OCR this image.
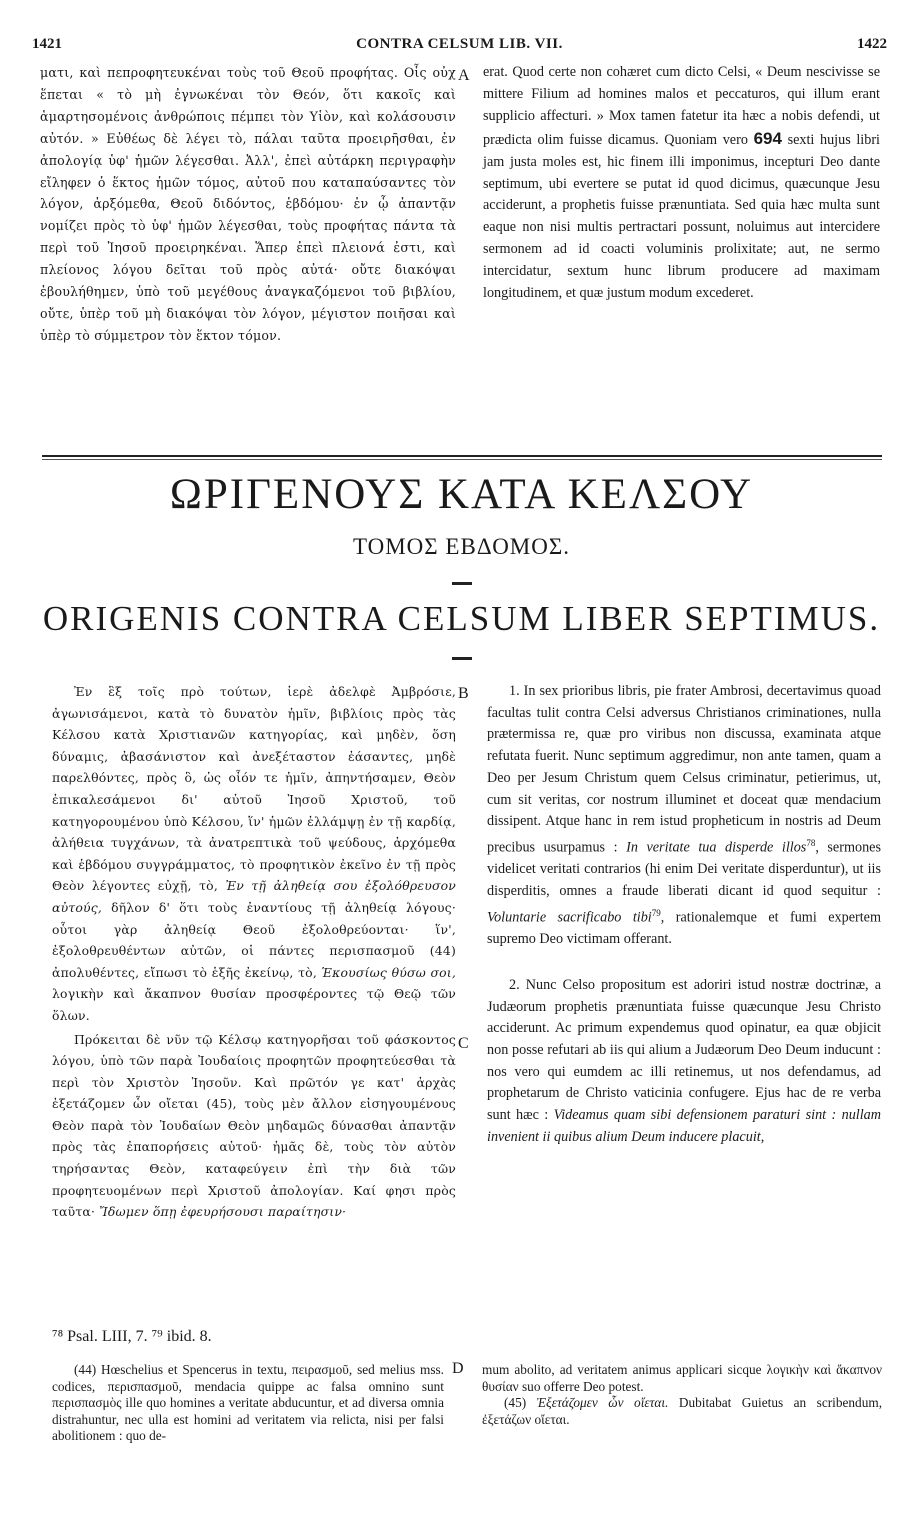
1421	CONTRA CELSUM LIB. VII.	1422

ματι, καὶ πεπροφητευκέναι τοὺς τοῦ Θεοῦ προφήτας. Οἷς οὐχ ἕπεται « τὸ μὴ ἐγνωκέναι τὸν Θεόν, ὅτι κακοῖς καὶ ἁμαρτησομένοις ἀνθρώποις πέμπει τὸν Υἱὸν, καὶ κολάσουσιν αὐτόν. » Εὐθέως δὲ λέγει τὸ, πάλαι ταῦτα προειρῆσθαι, ἐν ἀπολογίᾳ ὑφ' ἡμῶν λέγεσθαι. Ἀλλ', ἐπεὶ αὐτάρκη περιγραφὴν εἴληφεν ὁ ἕκτος ἡμῶν τόμος, αὐτοῦ που καταπαύσαντες τὸν λόγον, ἀρξόμεθα, Θεοῦ διδόντος, ἑβδόμου· ἐν ᾧ ἀπαντᾷν νομίζει πρὸς τὸ ὑφ' ἡμῶν λέγεσθαι, τοὺς προφήτας πάντα τὰ περὶ τοῦ Ἰησοῦ προειρηκέναι. Ἅπερ ἐπεὶ πλειονά ἐστι, καὶ πλείονος λόγου δεῖται τοῦ πρὸς αὐτά· οὔτε διακόψαι ἐβουλήθημεν, ὑπὸ τοῦ μεγέθους ἀναγκαζόμενοι τοῦ βιβλίου, οὔτε, ὑπὲρ τοῦ μὴ διακόψαι τὸν λόγον, μέγιστον ποιῆσαι καὶ ὑπὲρ τὸ σύμμετρον τὸν ἕκτον τόμον.

A erat. Quod certe non cohæret cum dicto Celsi, « Deum nescivisse se mittere Filium ad homines malos et peccaturos, qui illum erant supplicio affecturi. » Mox tamen fatetur ita hæc a nobis defendi, ut prædicta olim fuisse dicamus. Quoniam vero 694 sexti hujus libri jam justa moles est, hic finem illi imponimus, incepturi Deo dante septimum, ubi evertere se putat id quod dicimus, quæcunque Jesu acciderunt, a prophetis fuisse prænuntiata. Sed quia hæc multa sunt eaque non nisi multis pertractari possunt, noluimus aut intercidere sermonem ad id coacti voluminis prolixitate; aut, ne sermo intercidatur, sextum hunc librum producere ad maximam longitudinem, et quæ justum modum excederet.

ΩΡΙΓΕΝΟΥΣ ΚΑΤΑ ΚΕΛΣΟΥ
ΤΟΜΟΣ ΕΒΔΟΜΟΣ.
ORIGENIS CONTRA CELSUM LIBER SEPTIMUS.

Ἐν ἓξ τοῖς πρὸ τούτων, ἱερὲ ἀδελφὲ Ἀμβρόσιε, ἀγωνισάμενοι, κατὰ τὸ δυνατὸν ἡμῖν, βιβλίοις πρὸς τὰς Κέλσου κατὰ Χριστιανῶν κατηγορίας, καὶ μηδὲν, ὅση δύναμις, ἀβασάνιστον καὶ ἀνεξέταστον ἐάσαντες, μηδὲ παρελθόντες, πρὸς ὃ, ὡς οἷόν τε ἡμῖν, ἀπηντήσαμεν, Θεὸν ἐπικαλεσάμενοι δι' αὐτοῦ Ἰησοῦ Χριστοῦ, τοῦ κατηγορουμένου ὑπὸ Κέλσου, ἵν' ἡμῶν ἐλλάμψῃ ἐν τῇ καρδίᾳ, ἀλήθεια τυγχάνων, τὰ ἀνατρεπτικὰ τοῦ ψεύδους, ἀρχόμεθα καὶ ἑβδόμου συγγράμματος, τὸ προφητικὸν ἐκεῖνο ἐν τῇ πρὸς Θεὸν λέγοντες εὐχῇ, τὸ, Ἐν τῇ ἀληθείᾳ σου ἐξολόθρευσον αὐτούς, δῆλον δ' ὅτι τοὺς ἐναντίους τῇ ἀληθείᾳ λόγους· οὗτοι γὰρ ἀληθείᾳ Θεοῦ ἐξολοθρεύονται· ἵν', ἐξολοθρευθέντων αὐτῶν, οἱ πάντες περισπασμοῦ (44) ἀπολυθέντες, εἴπωσι τὸ ἑξῆς ἐκείνῳ, τὸ, Ἑκουσίως θύσω σοι, λογικὴν καὶ ἄκαπνον θυσίαν προσφέροντες τῷ Θεῷ τῶν ὅλων.

Πρόκειται δὲ νῦν τῷ Κέλσῳ κατηγορῆσαι τοῦ φάσκοντος λόγου, ὑπὸ τῶν παρὰ Ἰουδαίοις προφητῶν προφητεύεσθαι τὰ περὶ τὸν Χριστὸν Ἰησοῦν. Καὶ πρῶτόν γε κατ' ἀρχὰς ἐξετάζομεν ὧν οἴεται (45), τοὺς μὲν ἄλλον εἰσηγουμένους Θεὸν παρὰ τὸν Ἰουδαίων Θεὸν μηδαμῶς δύνασθαι ἀπαντᾷν πρὸς τὰς ἐπαπορήσεις αὐτοῦ· ἡμᾶς δὲ, τοὺς τὸν αὐτὸν τηρήσαντας Θεὸν, καταφεύγειν ἐπὶ τὴν διὰ τῶν προφητευομένων περὶ Χριστοῦ ἀπολογίαν. Καί φησι πρὸς ταῦτα· Ἴδωμεν ὅπῃ ἐφευρήσουσι παραίτησιν·

B
C
D

1. In sex prioribus libris, pie frater Ambrosi, decertavimus quoad facultas tulit contra Celsi adversus Christianos criminationes, nulla prætermissa re, quæ pro viribus non discussa, examinata atque refutata fuerit. Nunc septimum aggredimur, non ante tamen, quam a Deo per Jesum Christum quem Celsus criminatur, petierimus, ut, cum sit veritas, cor nostrum illuminet et doceat quæ mendacium dissipent. Atque hanc in rem istud propheticum in nostris ad Deum precibus usurpamus : In veritate tua disperde illos$^{78}$, sermones videlicet veritati contrarios (hi enim Dei veritate disperduntur), ut iis disperditis, omnes a fraude liberati dicant id quod sequitur : Voluntarie sacrificabo tibi$^{79}$, rationalemque et fumi expertem supremo Deo victimam offerant.

2. Nunc Celso propositum est adoriri istud nostræ doctrinæ, a Judæorum prophetis prænuntiata fuisse quæcunque Jesu Christo acciderunt. Ac primum expendemus quod opinatur, ea quæ objicit non posse refutari ab iis qui alium a Judæorum Deo Deum inducunt : nos vero qui eumdem ac illi retinemus, ut nos defendamus, ad prophetarum de Christo vaticinia confugere. Ejus hac de re verba sunt hæc : Videamus quam sibi defensionem paraturi sint : nullam invenient ii quibus alium Deum inducere placuit,

⁷⁸ Psal. LIII, 7. ⁷⁹ ibid. 8.

(44) Hœschelius et Spencerus in textu, πειρασμοῦ, sed melius mss. codices, περισπασμοῦ, mendacia quippe ac falsa omnino sunt περισπασμὸς ille quo homines a veritate abducuntur, et ad diversa omnia distrahuntur, nec ulla est homini ad veritatem via relicta, nisi per falsi abolitionem : quo de-

mum abolito, ad veritatem animus applicari sicque λογικὴν καὶ ἄκαπνον θυσίαν suo offerre Deo potest.

(45) Ἐξετάζομεν ὧν οἴεται. Dubitabat Guietus an scribendum, ἐξετάζων οἴεται.
